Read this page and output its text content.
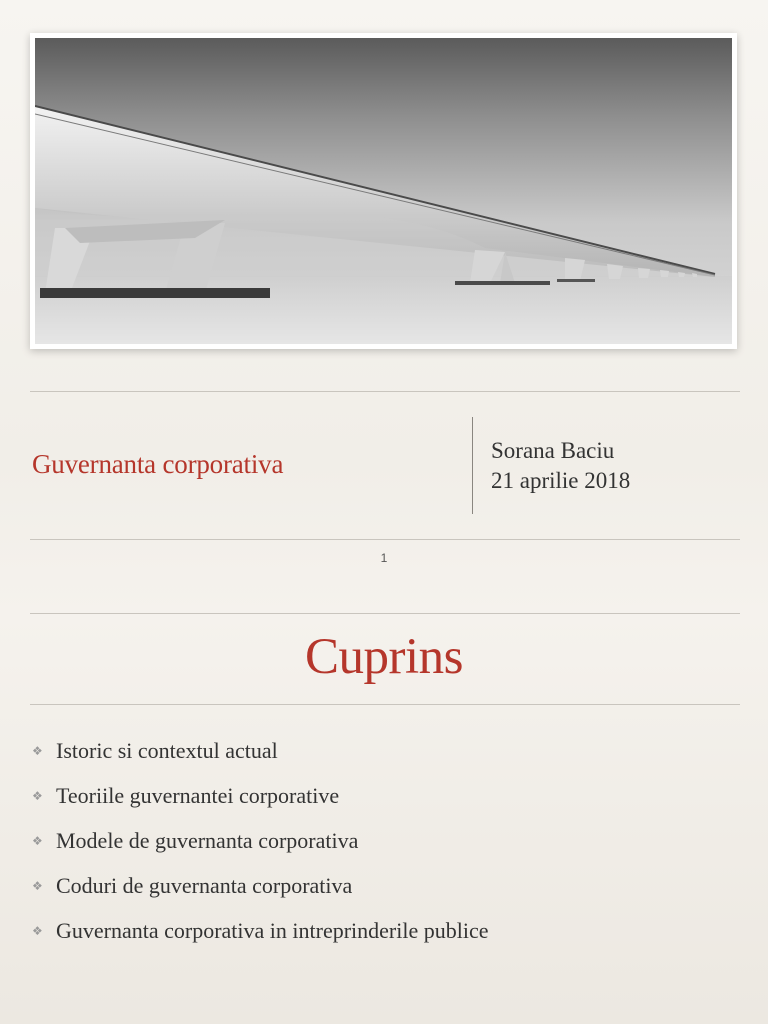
Guvernanta corporativa	Sorana Baciu
21 aprilie 2018
1
Cuprins
❖ Istoric si contextul actual
❖ Teoriile guvernantei corporative
❖ Modele de guvernanta corporativa
❖ Coduri de guvernanta corporativa
❖ Guvernanta corporativa in intreprinderile publice
